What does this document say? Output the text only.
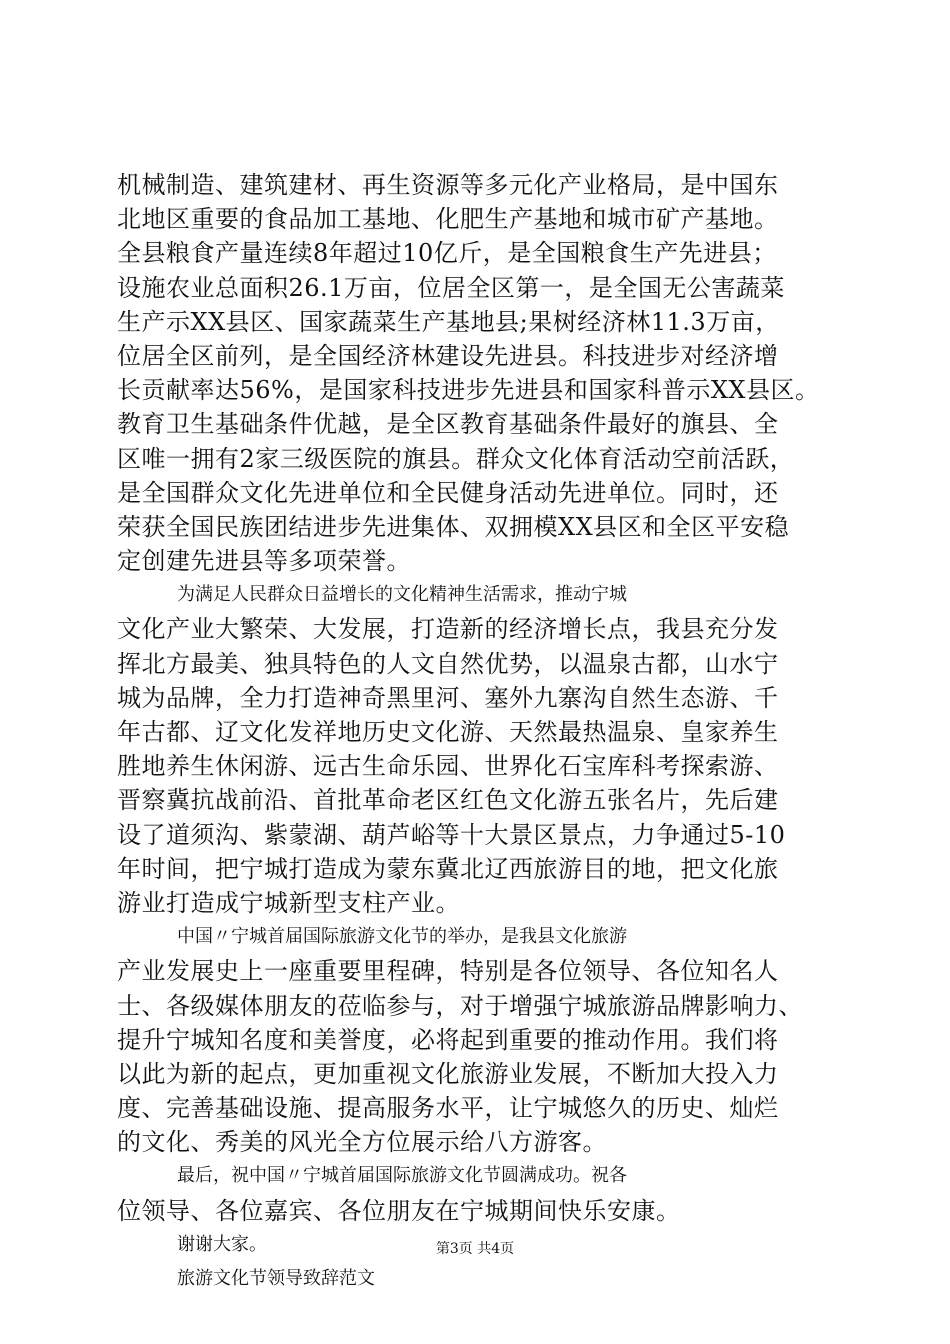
机械制造、建筑建材、再生资源等多元化产业格局，是中国东
北地区重要的食品加工基地、化肥生产基地和城市矿产基地。
全县粮食产量连续8年超过10亿斤，是全国粮食生产先进县；
设施农业总面积26.1万亩，位居全区第一，是全国无公害蔬菜
生产示XX县区、国家蔬菜生产基地县;果树经济林11.3万亩，
位居全区前列，是全国经济林建设先进县。科技进步对经济增
长贡献率达56%，是国家科技进步先进县和国家科普示XX县区。
教育卫生基础条件优越，是全区教育基础条件最好的旗县、全
区唯一拥有2家三级医院的旗县。群众文化体育活动空前活跃，
是全国群众文化先进单位和全民健身活动先进单位。同时，还
荣获全国民族团结进步先进集体、双拥模XX县区和全区平安稳
定创建先进县等多项荣誉。
为满足人民群众日益增长的文化精神生活需求，推动宁城
文化产业大繁荣、大发展，打造新的经济增长点，我县充分发
挥北方最美、独具特色的人文自然优势，以温泉古都，山水宁
城为品牌，全力打造神奇黑里河、塞外九寨沟自然生态游、千
年古都、辽文化发祥地历史文化游、天然最热温泉、皇家养生
胜地养生休闲游、远古生命乐园、世界化石宝库科考探索游、
晋察冀抗战前沿、首批革命老区红色文化游五张名片，先后建
设了道须沟、紫蒙湖、葫芦峪等十大景区景点，力争通过5-10
年时间，把宁城打造成为蒙东冀北辽西旅游目的地，把文化旅
游业打造成宁城新型支柱产业。
中国〃宁城首届国际旅游文化节的举办，是我县文化旅游
产业发展史上一座重要里程碑，特别是各位领导、各位知名人
士、各级媒体朋友的莅临参与，对于增强宁城旅游品牌影响力、
提升宁城知名度和美誉度，必将起到重要的推动作用。我们将
以此为新的起点，更加重视文化旅游业发展，不断加大投入力
度、完善基础设施、提高服务水平，让宁城悠久的历史、灿烂
的文化、秀美的风光全方位展示给八方游客。
最后，祝中国〃宁城首届国际旅游文化节圆满成功。祝各
位领导、各位嘉宾、各位朋友在宁城期间快乐安康。
谢谢大家。
旅游文化节领导致辞范文
第3页 共4页
